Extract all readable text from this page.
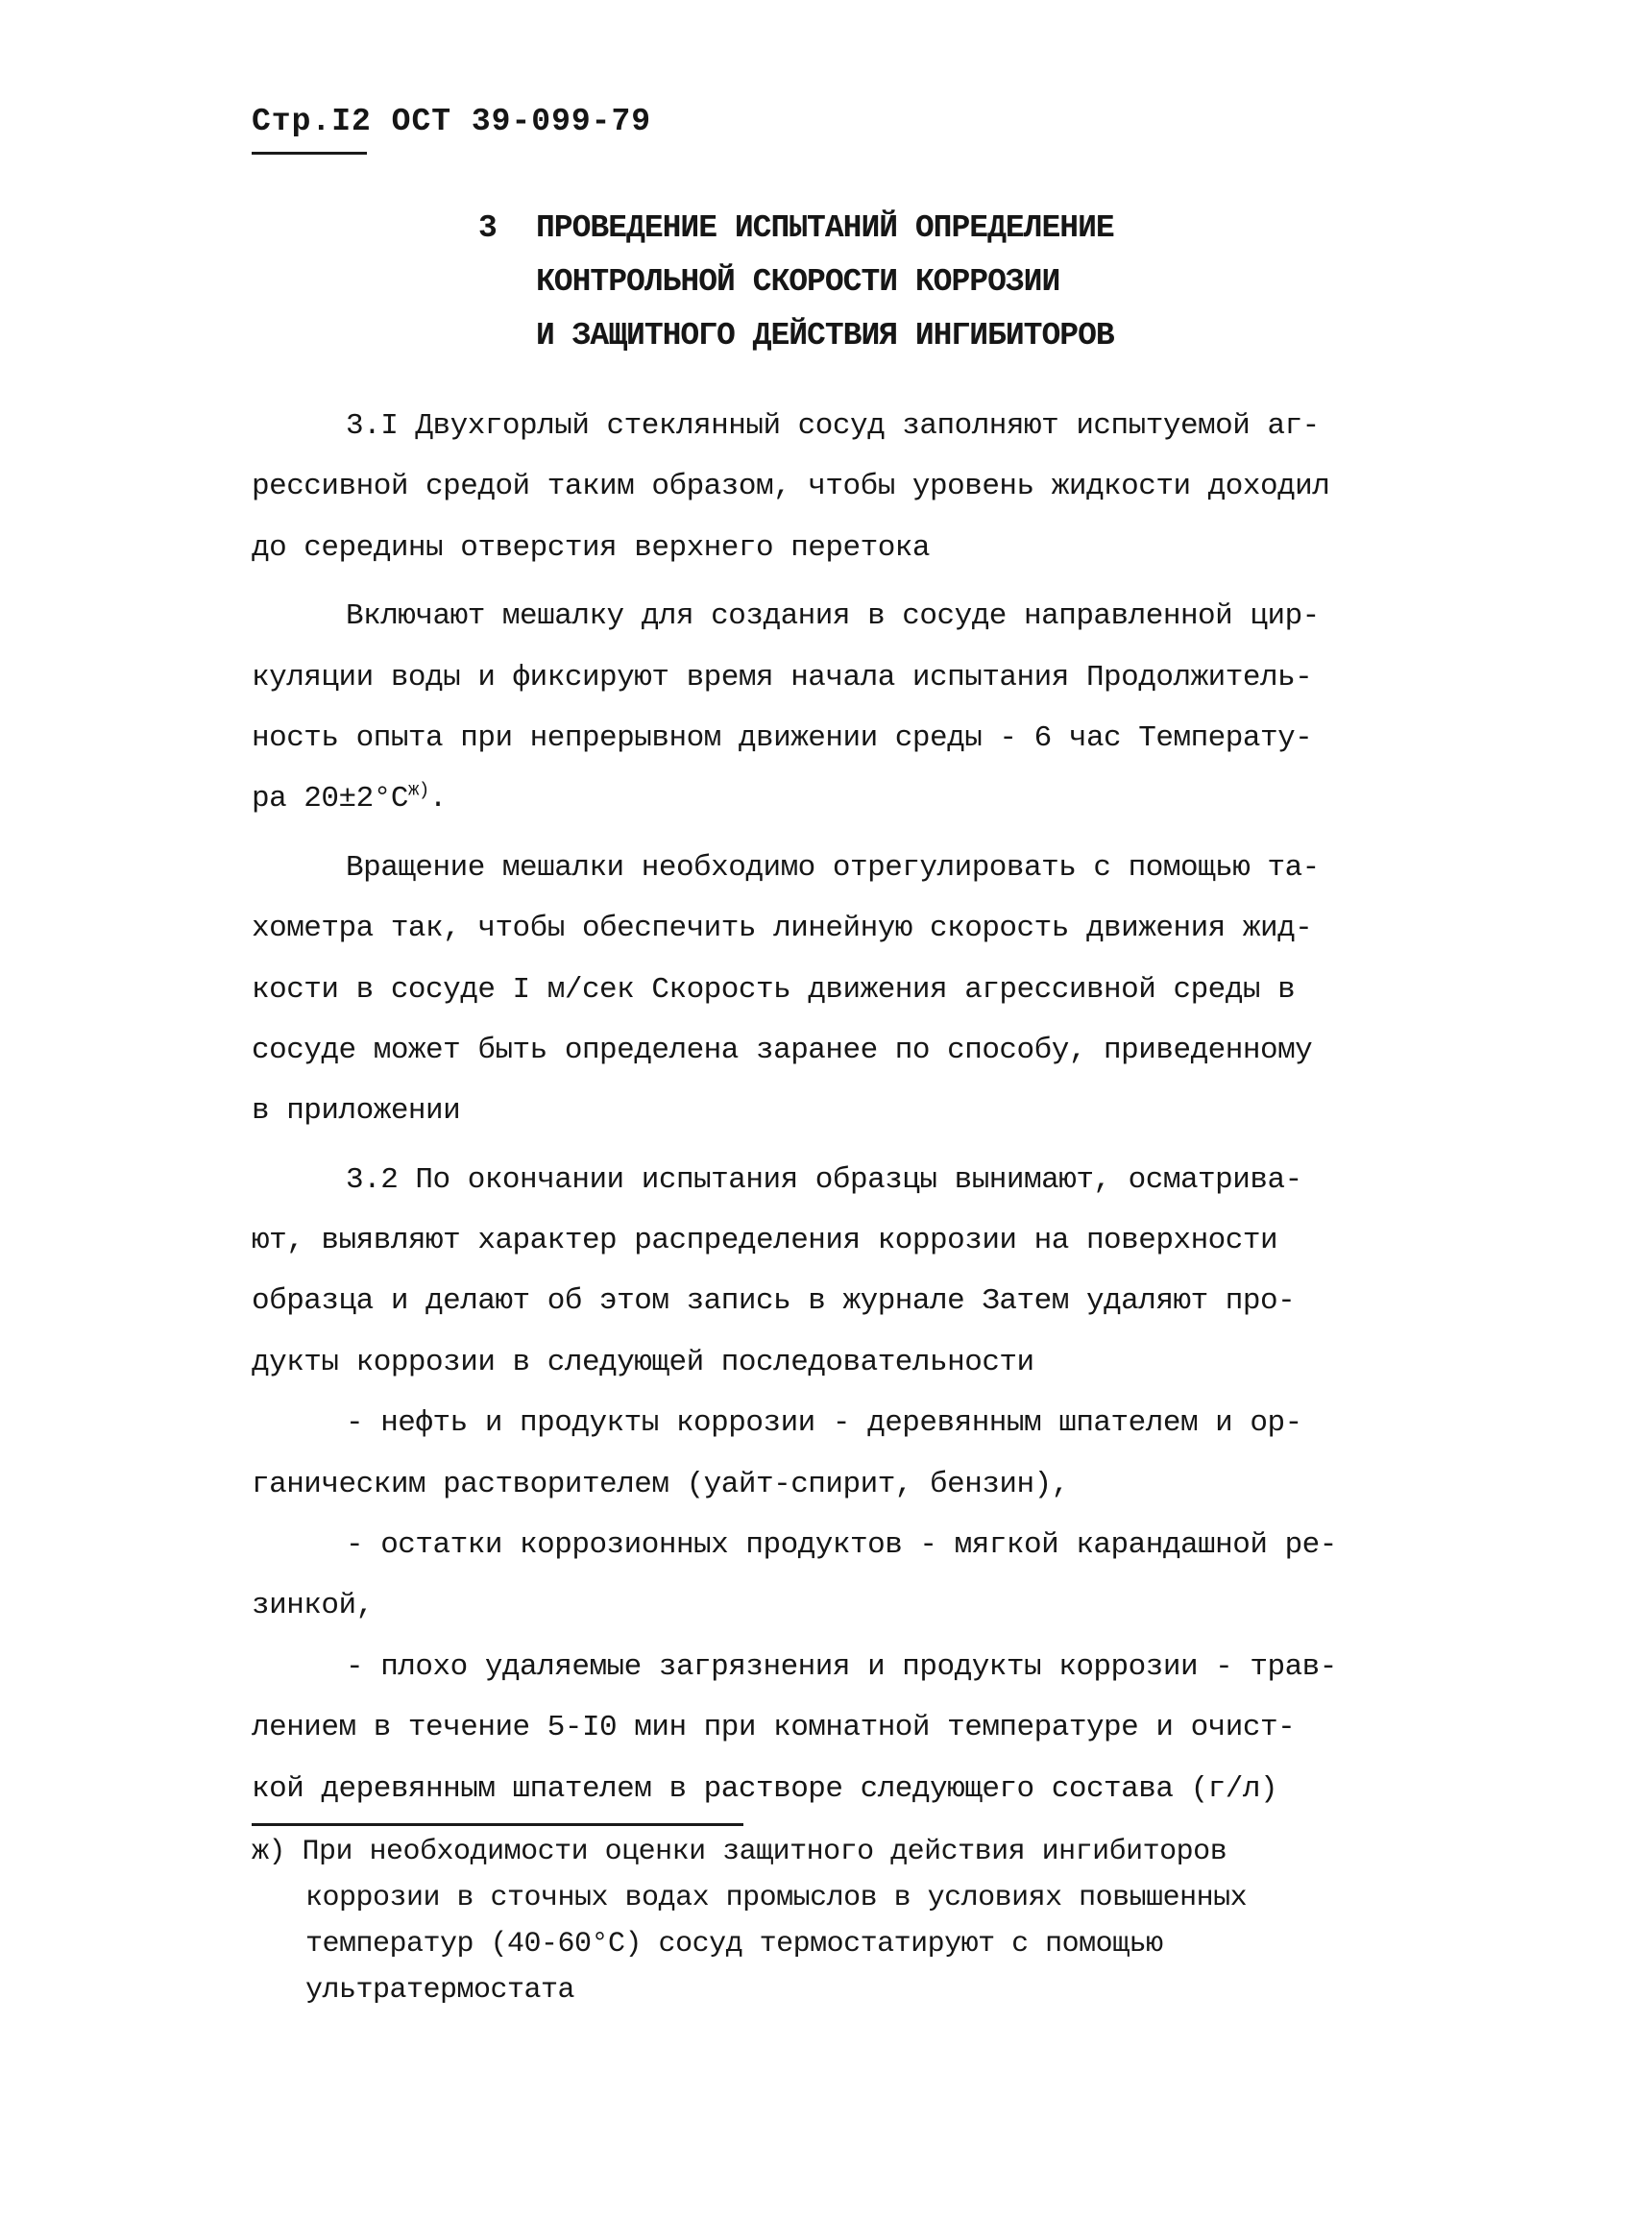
Стр.I2 ОСТ 39-099-79
3 ПРОВЕДЕНИЕ ИСПЫТАНИЙ ОПРЕДЕЛЕНИЕ
КОНТРОЛЬНОЙ СКОРОСТИ КОРРОЗИИ
И ЗАЩИТНОГО ДЕЙСТВИЯ ИНГИБИТОРОВ
3.I Двухгорлый стеклянный сосуд заполняют испытуемой аг-
рессивной средой таким образом, чтобы уровень жидкости доходил
до середины отверстия верхнего перетока
Включают мешалку для создания в сосуде направленной цир-
куляции воды и фиксируют время начала испытания Продолжитель-
ность опыта при непрерывном движении среды - 6 час Температу-
ра $20\pm 2^\circ C^{ж)}$.
Вращение мешалки необходимо отрегулировать с помощью та-
хометра так, чтобы обеспечить линейную скорость движения жид-
кости в сосуде I м/сек Скорость движения агрессивной среды в
сосуде может быть определена заранее по способу, приведенному
в приложении
3.2 По окончании испытания образцы вынимают, осматрива-
ют, выявляют характер распределения коррозии на поверхности
образца и делают об этом запись в журнале Затем удаляют про-
дукты коррозии в следующей последовательности
- нефть и продукты коррозии - деревянным шпателем и ор-
ганическим растворителем (уайт-спирит, бензин),
- остатки коррозионных продуктов - мягкой карандашной ре-
зинкой,
- плохо удаляемые загрязнения и продукты коррозии - трав-
лением в течение 5-I0 мин при комнатной температуре и очист-
кой деревянным шпателем в растворе следующего состава (г/л)
ж) При необходимости оценки защитного действия ингибиторов
коррозии в сточных водах промыслов в условиях повышенных
температур (40-60°C) сосуд термостатируют с помощью
ультратермостата
